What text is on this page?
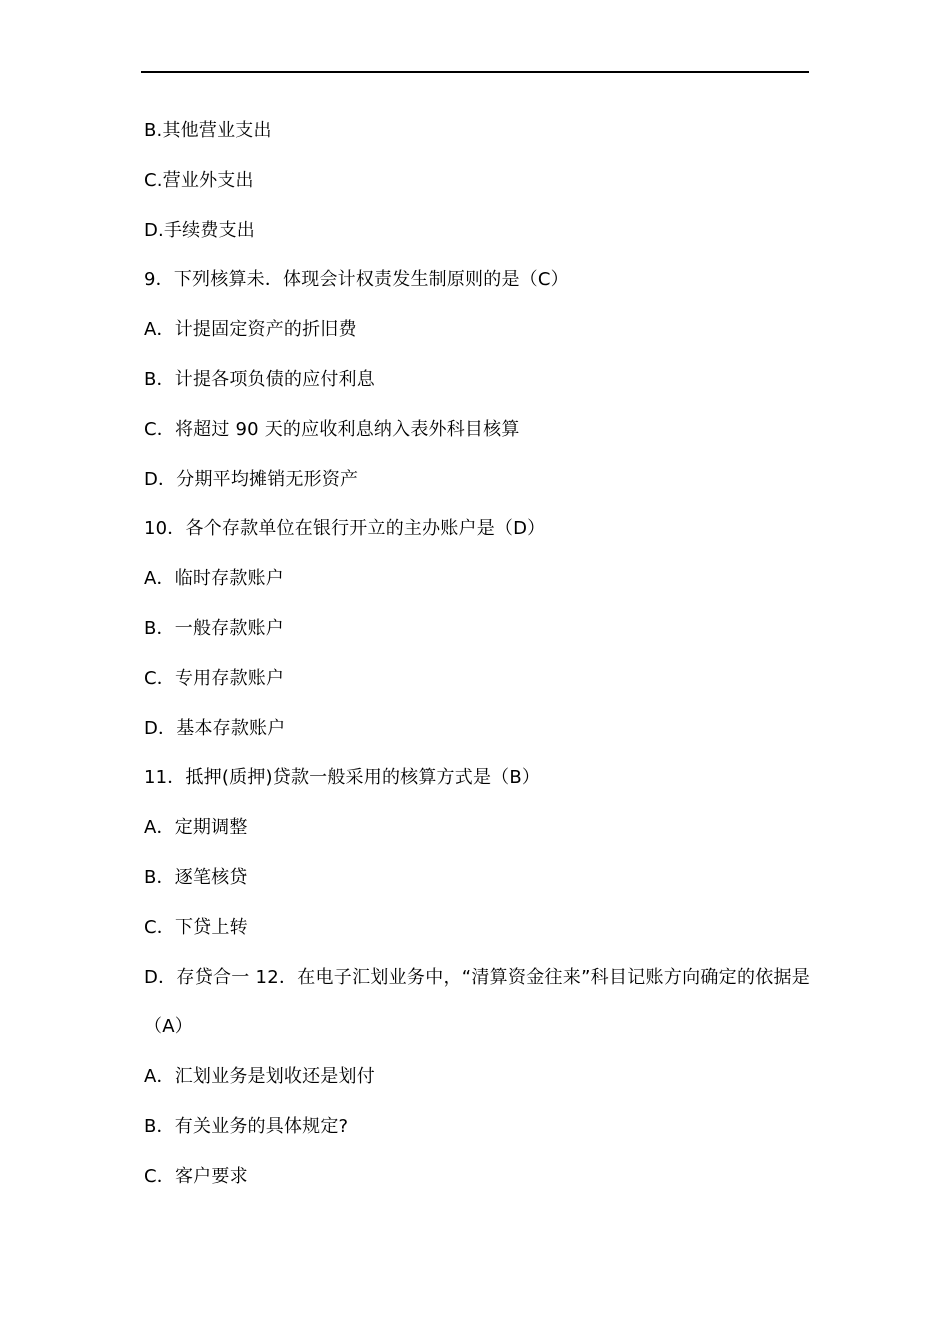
B.其他营业支出
C.营业外支出
D.手续费支出
9．下列核算未．体现会计权责发生制原则的是（C）
A．计提固定资产的折旧费
B．计提各项负债的应付利息
C．将超过 90 天的应收利息纳入表外科目核算
D．分期平均摊销无形资产
10．各个存款单位在银行开立的主办账户是（D）
A．临时存款账户
B．一般存款账户
C．专用存款账户
D．基本存款账户
11．抵押(质押)贷款一般采用的核算方式是（B）
A．定期调整
B．逐笔核贷
C．下贷上转
D．存贷合一 12．在电子汇划业务中，“清算资金往来”科目记账方向确定的依据是（A）
A．汇划业务是划收还是划付
B．有关业务的具体规定?
C．客户要求
